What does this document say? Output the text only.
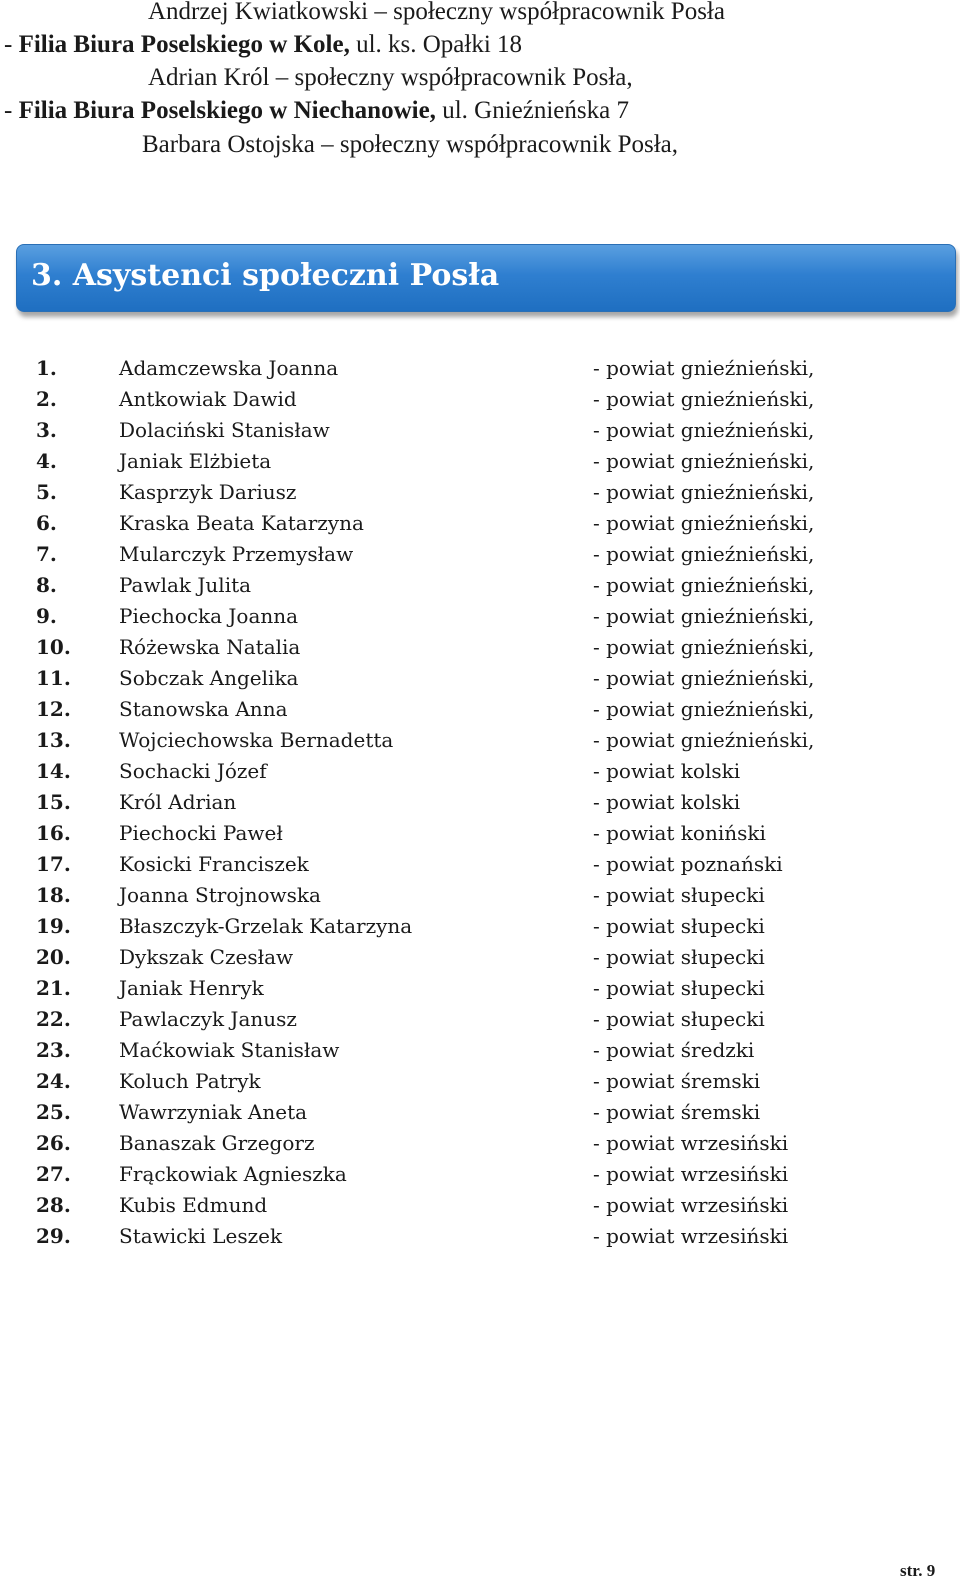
Andrzej Kwiatkowski – społeczny współpracownik Posła
- Filia Biura Poselskiego w Kole, ul. ks. Opałki 18
Adrian Król – społeczny współpracownik Posła,
- Filia Biura Poselskiego w Niechanowie, ul. Gnieźnieńska 7
Barbara Ostojska – społeczny współpracownik Posła,
3. Asystenci społeczni Posła
1.	Adamczewska Joanna	- powiat gnieźnieński,
2.	Antkowiak Dawid	- powiat gnieźnieński,
3.	Dolaciński Stanisław	- powiat gnieźnieński,
4.	Janiak Elżbieta	- powiat gnieźnieński,
5.	Kasprzyk Dariusz	- powiat gnieźnieński,
6.	Kraska Beata Katarzyna	- powiat gnieźnieński,
7.	Mularczyk Przemysław	- powiat gnieźnieński,
8.	Pawlak Julita	- powiat gnieźnieński,
9.	Piechocka Joanna	- powiat gnieźnieński,
10. Różewska Natalia	- powiat gnieźnieński,
11. Sobczak Angelika	- powiat gnieźnieński,
12. Stanowska Anna	- powiat gnieźnieński,
13. Wojciechowska Bernadetta	- powiat gnieźnieński,
14. Sochacki Józef	- powiat kolski
15. Król Adrian	- powiat kolski
16. Piechocki Paweł	- powiat koniński
17. Kosicki Franciszek	- powiat poznański
18. Joanna Strojnowska	- powiat słupecki
19. Błaszczyk-Grzelak Katarzyna	- powiat słupecki
20. Dykszak Czesław	- powiat słupecki
21. Janiak Henryk	- powiat słupecki
22. Pawlaczyk Janusz	- powiat słupecki
23. Maćkowiak Stanisław	- powiat średzki
24. Koluch Patryk	- powiat śremski
25. Wawrzyniak Aneta	- powiat śremski
26. Banaszak Grzegorz	- powiat wrzesiński
27. Frąckowiak Agnieszka	- powiat wrzesiński
28. Kubis Edmund	- powiat wrzesiński
29. Stawicki Leszek	- powiat wrzesiński
str. 9
